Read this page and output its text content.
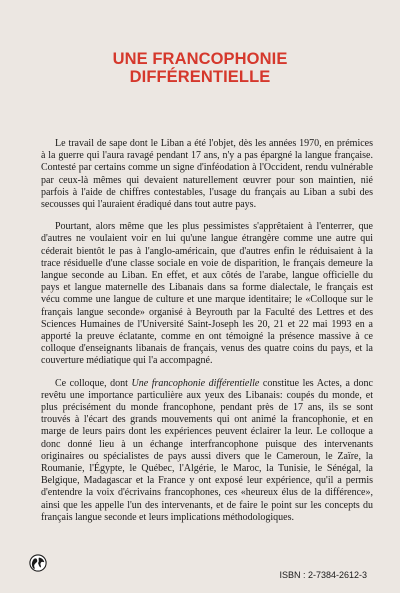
UNE FRANCOPHONIE
DIFFÉRENTIELLE

Le travail de sape dont le Liban a été l'objet, dès les années 1970, en prémices à la guerre qui l'aura ravagé pendant 17 ans, n'y a pas épargné la langue française. Contesté par certains comme un signe d'inféodation à l'Occident, rendu vulnérable par ceux-là mêmes qui devaient naturellement œuvrer pour son maintien, nié parfois à l'aide de chiffres contestables, l'usage du français au Liban a subi des secousses qui l'auraient éradiqué dans tout autre pays.

Pourtant, alors même que les plus pessimistes s'apprêtaient à l'enterrer, que d'autres ne voulaient voir en lui qu'une langue étrangère comme une autre qui céderait bientôt le pas à l'anglo-américain, que d'autres enfin le réduisaient à la trace résiduelle d'une classe sociale en voie de disparition, le français demeure la langue seconde au Liban. En effet, et aux côtés de l'arabe, langue officielle du pays et langue maternelle des Libanais dans sa forme dialectale, le français est vécu comme une langue de culture et une marque identitaire; le «Colloque sur le français langue seconde» organisé à Beyrouth par la Faculté des Lettres et des Sciences Humaines de l'Université Saint-Joseph les 20, 21 et 22 mai 1993 en a apporté la preuve éclatante, comme en ont témoigné la présence massive à ce colloque d'enseignants libanais de français, venus des quatre coins du pays, et la couverture médiatique qui l'a accompagné.

Ce colloque, dont Une francophonie différentielle constitue les Actes, a donc revêtu une importance particulière aux yeux des Libanais: coupés du monde, et plus précisément du monde francophone, pendant près de 17 ans, ils se sont trouvés à l'écart des grands mouvements qui ont animé la francophonie, et en marge de leurs pairs dont les expériences peuvent éclairer la leur. Le colloque a donc donné lieu à un échange interfrancophone puisque des intervenants originaires ou spécialistes de pays aussi divers que le Cameroun, le Zaïre, la Roumanie, l'Égypte, le Québec, l'Algérie, le Maroc, la Tunisie, le Sénégal, la Belgique, Madagascar et la France y ont exposé leur expérience, qu'il a permis d'entendre la voix d'écrivains francophones, ces «heureux élus de la différence», ainsi que les appelle l'un des intervenants, et de faire le point sur les concepts du français langue seconde et leurs implications méthodologiques.

ISBN : 2-7384-2612-3
